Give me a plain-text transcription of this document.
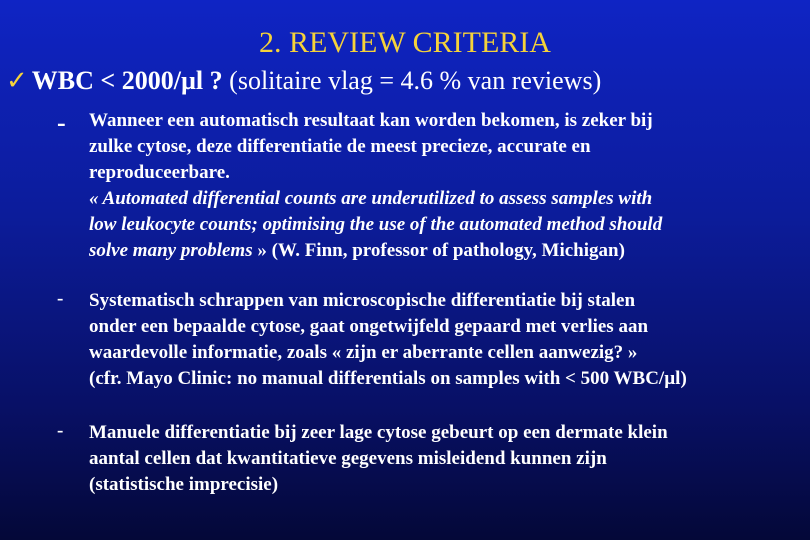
2. REVIEW CRITERIA
✓ WBC < 2000/µl ? (solitaire vlag = 4.6 % van reviews)
- Wanneer een automatisch resultaat kan worden bekomen, is zeker bij
zulke cytose, deze differentiatie de meest precieze, accurate en
reproduceerbare.
« Automated differential counts are underutilized to assess samples with
low leukocyte counts; optimising the use of the automated method should
solve many problems » (W. Finn, professor of pathology, Michigan)
- Systematisch schrappen van microscopische differentiatie bij stalen
onder een bepaalde cytose, gaat ongetwijfeld gepaard met verlies aan
waardevolle informatie, zoals « zijn er aberrante cellen aanwezig? »
(cfr. Mayo Clinic: no manual differentials on samples with < 500 WBC/µl)
- Manuele differentiatie bij zeer lage cytose gebeurt op een dermate klein
aantal cellen dat kwantitatieve gegevens misleidend kunnen zijn
(statistische imprecisie)
